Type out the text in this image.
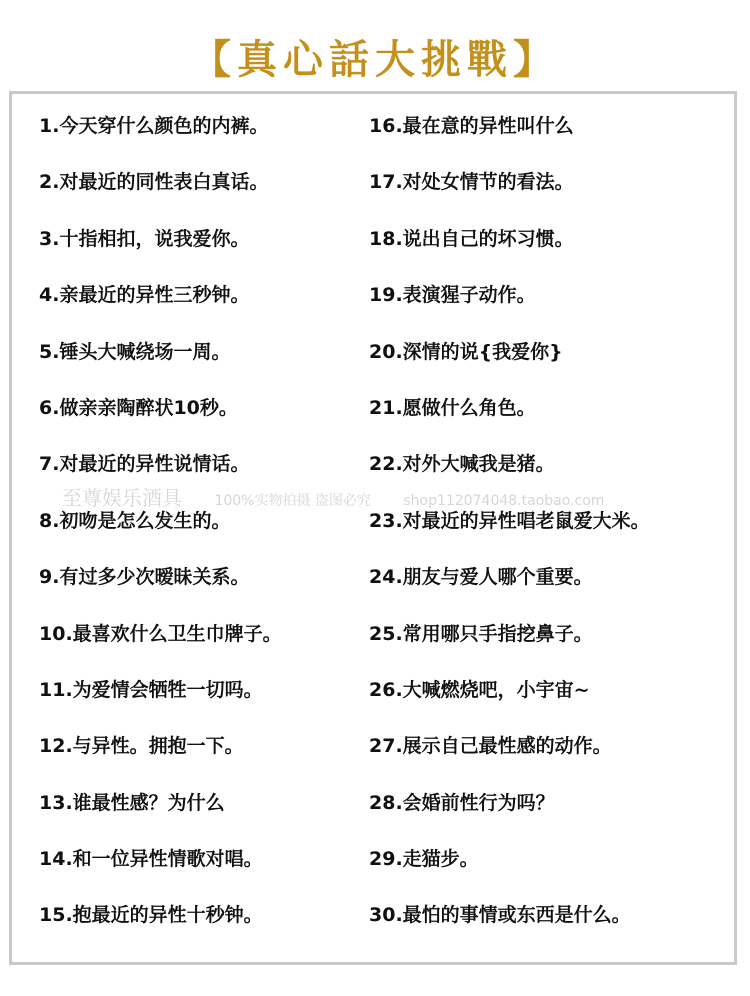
【真心話大挑戰】
1.今天穿什么颜色的内裤。
2.对最近的同性表白真话。
3.十指相扣，说我爱你。
4.亲最近的异性三秒钟。
5.锤头大喊绕场一周。
6.做亲亲陶醉状10秒。
7.对最近的异性说情话。
8.初吻是怎么发生的。
9.有过多少次暧昧关系。
10.最喜欢什么卫生巾牌子。
11.为爱情会牺牲一切吗。
12.与异性。拥抱一下。
13.谁最性感？为什么
14.和一位异性情歌对唱。
15.抱最近的异性十秒钟。
16.最在意的异性叫什么
17.对处女情节的看法。
18.说出自己的坏习惯。
19.表演猩子动作。
20.深情的说{我爱你}
21.愿做什么角色。
22.对外大喊我是猪。
23.对最近的异性唱老鼠爱大米。
24.朋友与爱人哪个重要。
25.常用哪只手指挖鼻子。
26.大喊燃烧吧，小宇宙~
27.展示自己最性感的动作。
28.会婚前性行为吗？
29.走猫步。
30.最怕的事情或东西是什么。
至尊娱乐酒具 100%实物拍摄 盗图必究 shop112074048.taobao.com
